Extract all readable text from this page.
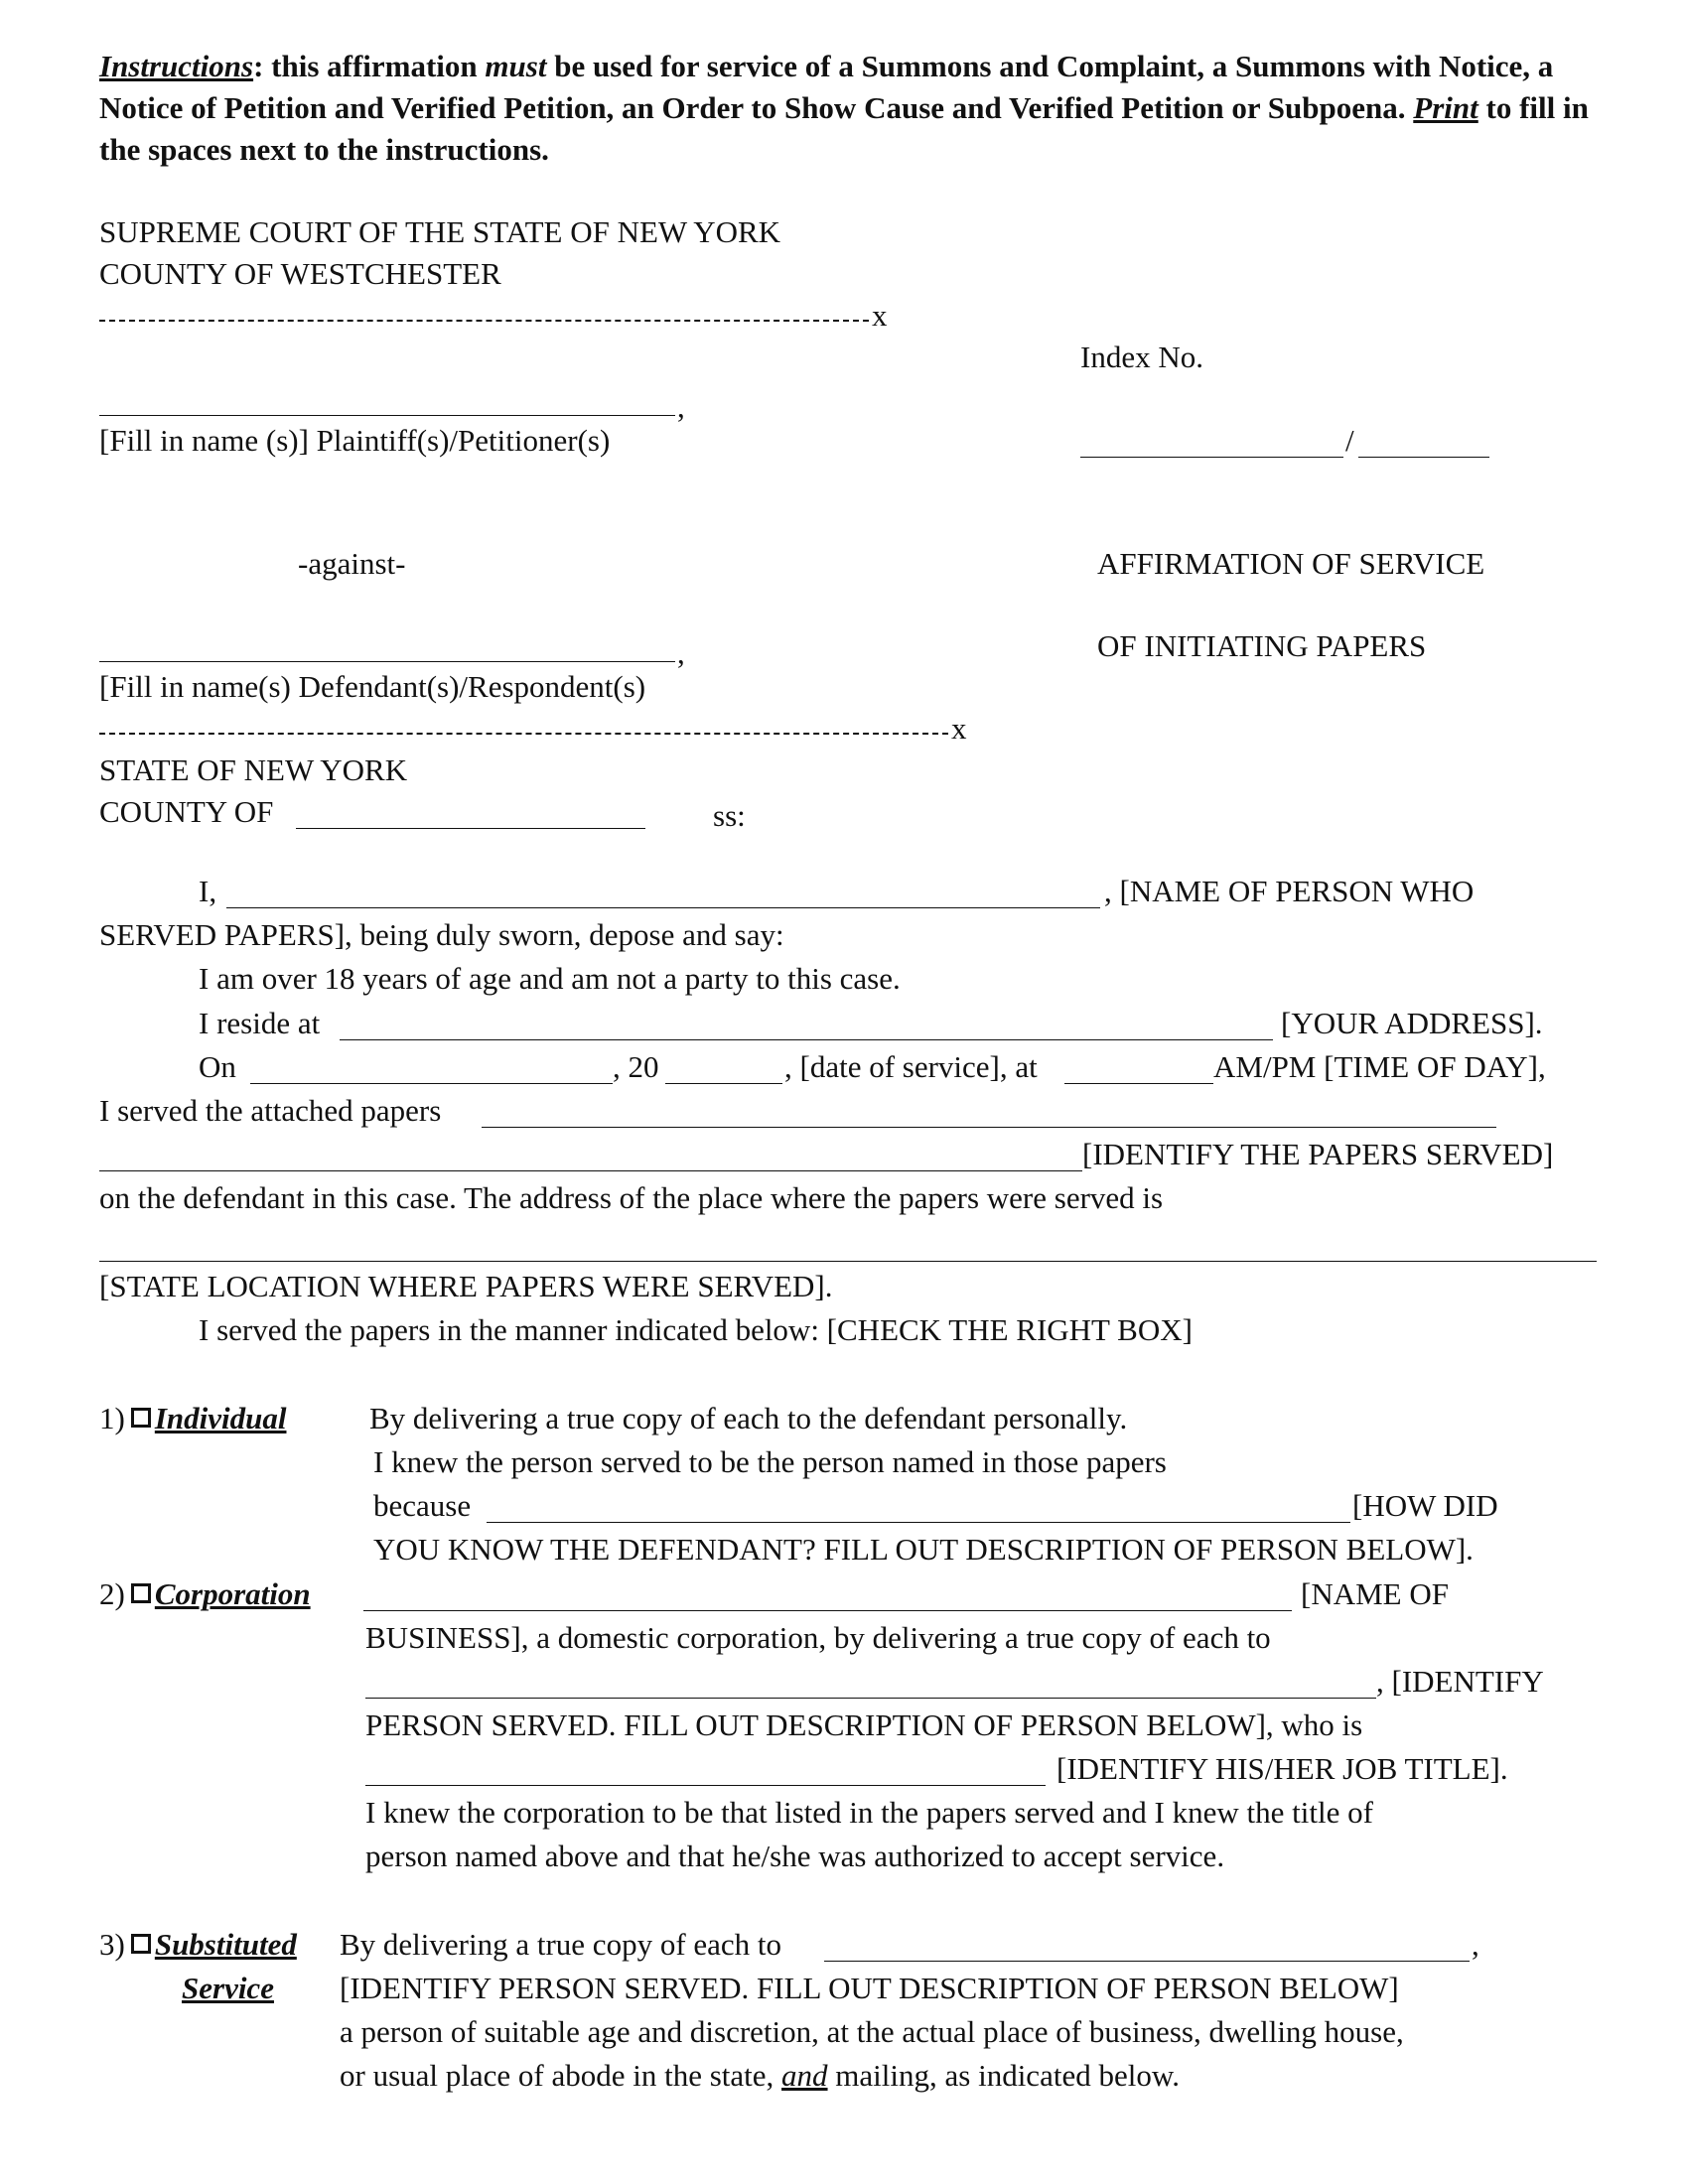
Instructions: this affirmation must be used for service of a Summons and Complaint, a Summons with Notice, a Notice of Petition and Verified Petition, an Order to Show Cause and Verified Petition or Subpoena. Print to fill in the spaces next to the instructions.
SUPREME COURT OF THE STATE OF NEW YORK
COUNTY OF WESTCHESTER
x
Index No.
,
[Fill in name (s)] Plaintiff(s)/Petitioner(s)	/
-against-	AFFIRMATION OF SERVICE
OF INITIATING PAPERS
,
[Fill in name(s) Defendant(s)/Respondent(s)
x
STATE OF NEW YORK
COUNTY OF	ss:
I,	, [NAME OF PERSON WHO
SERVED PAPERS], being duly sworn, depose and say:
I am over 18 years of age and am not a party to this case.
I reside at	[YOUR ADDRESS].
On	, 20	, [date of service], at	AM/PM [TIME OF DAY],
I served the attached papers
[IDENTIFY THE PAPERS SERVED]
on the defendant in this case. The address of the place where the papers were served is
[STATE LOCATION WHERE PAPERS WERE SERVED].
I served the papers in the manner indicated below: [CHECK THE RIGHT BOX]
1) Individual	By delivering a true copy of each to the defendant personally.
I knew the person served to be the person named in those papers
because	[HOW DID
YOU KNOW THE DEFENDANT? FILL OUT DESCRIPTION OF PERSON BELOW].
2) Corporation	[NAME OF
BUSINESS], a domestic corporation, by delivering a true copy of each to
, [IDENTIFY
PERSON SERVED. FILL OUT DESCRIPTION OF PERSON BELOW], who is
[IDENTIFY HIS/HER JOB TITLE].
I knew the corporation to be that listed in the papers served and I knew the title of
person named above and that he/she was authorized to accept service.
3) Substituted
Service
By delivering a true copy of each to	,
[IDENTIFY PERSON SERVED. FILL OUT DESCRIPTION OF PERSON BELOW]
a person of suitable age and discretion, at the actual place of business, dwelling house,
or usual place of abode in the state, and mailing, as indicated below.
